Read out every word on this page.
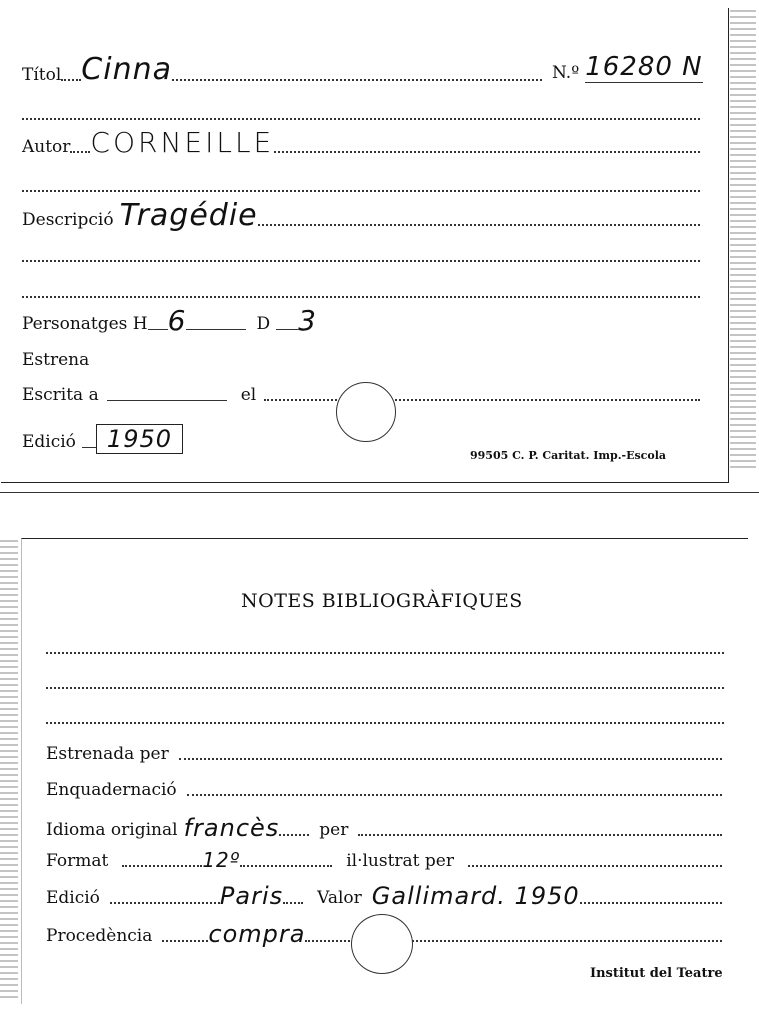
Títol Cinna	N.º 16280 N
Autor CORNEILLE
Descripció Tragédie
Personatges H 6	D 3
Estrena
Escrita a	el
Edició	1950
99505 C. P. Caritat. Imp.-Escola
NOTES BIBLIOGRÀFIQUES
Estrenada per
Enquadernació
Idioma original francès per
Format	12º	il·lustrat per
Edició	Paris Valor Gallimard. 1950
Procedència compra
Institut del Teatre
